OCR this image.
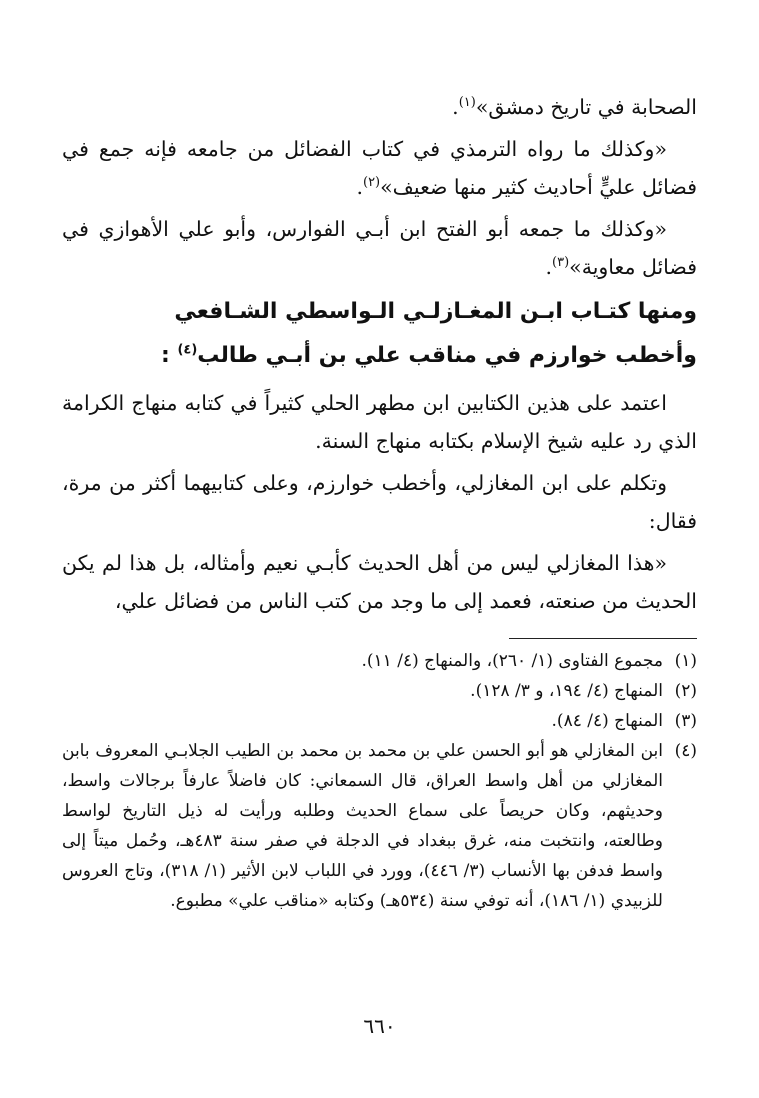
الصحابة في تاريخ دمشق»$^{(١)}$.

«وكذلك ما رواه الترمذي في كتاب الفضائل من جامعه فإنه جمع في فضائل عليٍّ أحاديث كثير منها ضعيف»$^{(٢)}$.

«وكذلك ما جمعه أبو الفتح ابن أبـي الفوارس، وأبو علي الأهوازي في فضائل معاوية»$^{(٣)}$.

ومنها كتـاب ابـن المغـازلـي الـواسطي الشـافعي
وأخطب خوارزم في مناقب علي بن أبـي طالب$^{(٤)}$ :

اعتمد على هذين الكتابين ابن مطهر الحلي كثيراً في كتابه منهاج الكرامة الذي رد عليه شيخ الإسلام بكتابه منهاج السنة.

وتكلم على ابن المغازلي، وأخطب خوارزم، وعلى كتابيهما أكثر من مرة، فقال:

«هذا المغازلي ليس من أهل الحديث كأبـي نعيم وأمثاله، بل هذا لم يكن الحديث من صنعته، فعمد إلى ما وجد من كتب الناس من فضائل علي،

(١)
مجموع الفتاوى (١/ ٢٦٠)، والمنهاج (٤/ ١١).
(٢)
المنهاج (٤/ ١٩٤، و ٣/ ١٢٨).
(٣)
المنهاج (٤/ ٨٤).
(٤)
ابن المغازلي هو أبو الحسن علي بن محمد بن محمد بن الطيب الجلابـي المعروف بابن المغازلي من أهل واسط العراق، قال السمعاني: كان فاضلاً عارفاً برجالات واسط، وحديثهم، وكان حريصاً على سماع الحديث وطلبه ورأيت له ذيل التاريخ لواسط وطالعته، وانتخبت منه، غرق ببغداد في الدجلة في صفر سنة ٤٨٣هـ، وحُمل ميتاً إلى واسط فدفن بها الأنساب (٣/ ٤٤٦)، وورد في اللباب لابن الأثير (١/ ٣١٨)، وتاج العروس للزبيدي (١/ ١٨٦)، أنه توفي سنة (٥٣٤هـ) وكتابه «مناقب علي» مطبوع.
٦٦٠
